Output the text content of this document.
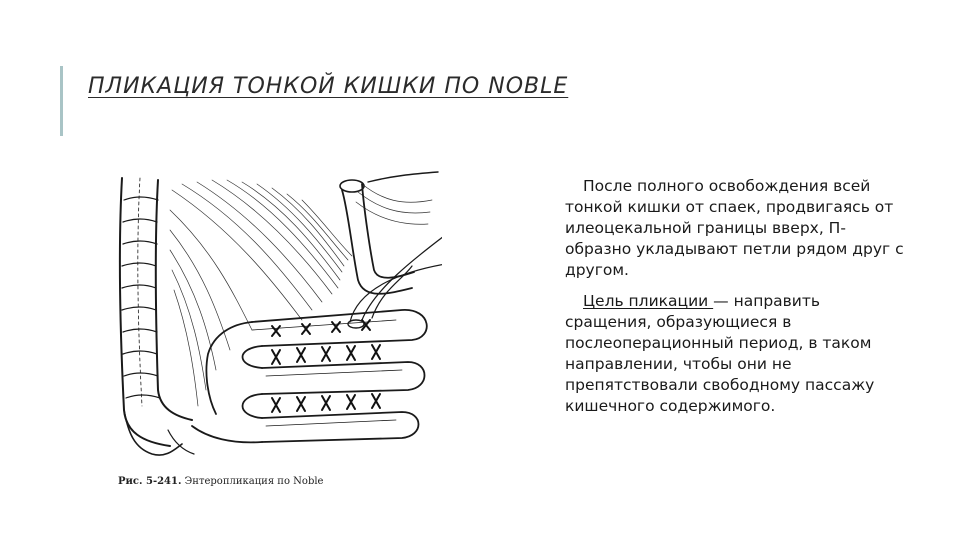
ПЛИКАЦИЯ ТОНКОЙ КИШКИ ПО NOBLE
Рис. 5-241. Энтеропликация по Noble

После полного освобождения всей тонкой кишки от спаек, продвигаясь от илеоцекальной границы вверх, П-образно укладывают петли рядом друг с другом.

Цель пликации — направить сращения, образующиеся в послеоперационный период, в таком направлении, чтобы они не препятствовали свободному пассажу кишечного содержимого.
